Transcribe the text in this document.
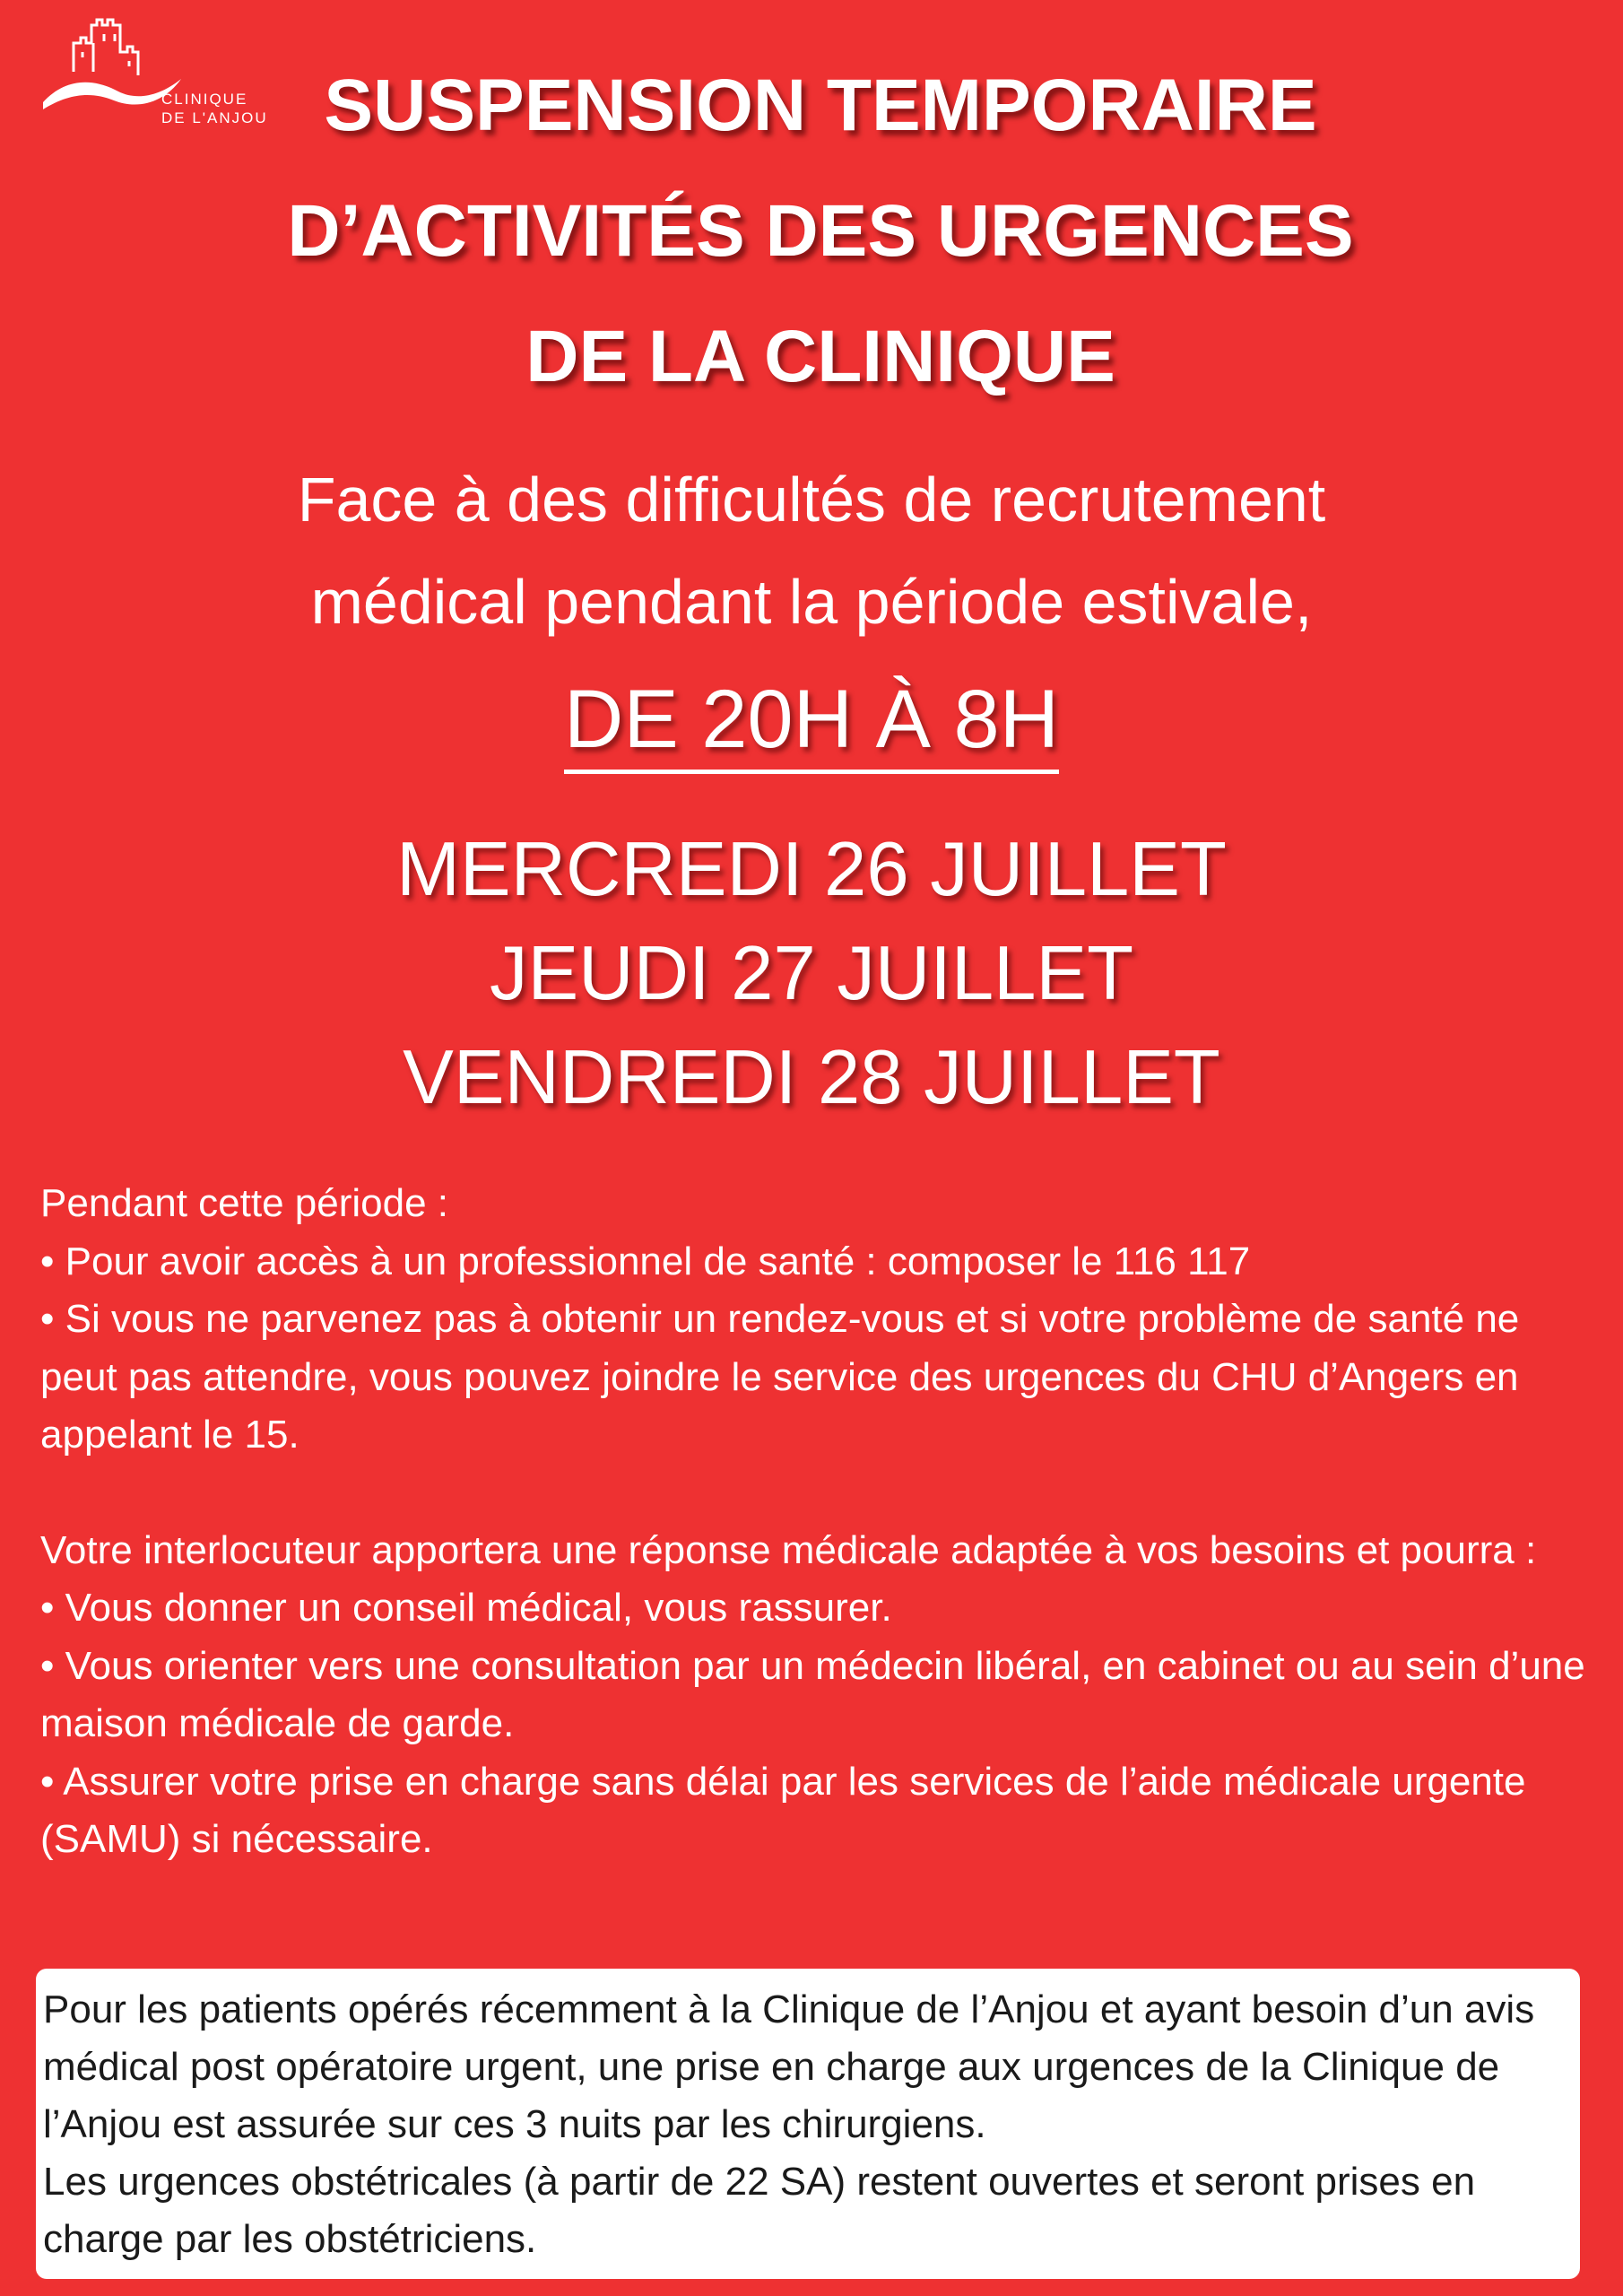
CLINIQUE
DE L'ANJOU SUSPENSION TEMPORAIRE
D’ACTIVITÉS DES URGENCES
DE LA CLINIQUE
Face à des difficultés de recrutement
médical pendant la période estivale,
DE 20H À 8H
MERCREDI 26 JUILLET
JEUDI 27 JUILLET
VENDREDI 28 JUILLET

Pendant cette période :

• Pour avoir accès à un professionnel de santé : composer le 116 117

• Si vous ne parvenez pas à obtenir un rendez-vous et si votre problème de santé ne peut pas attendre, vous pouvez joindre le service des urgences du CHU d’Angers en appelant le 15.

Votre interlocuteur apportera une réponse médicale adaptée à vos besoins et pourra :

• Vous donner un conseil médical, vous rassurer.

• Vous orienter vers une consultation par un médecin libéral, en cabinet ou au sein d’une maison médicale de garde.

• Assurer votre prise en charge sans délai par les services de l’aide médicale urgente (SAMU) si nécessaire.

Pour les patients opérés récemment à la Clinique de l’Anjou et ayant besoin d’un avis médical post opératoire urgent, une prise en charge aux urgences de la Clinique de l’Anjou est assurée sur ces 3 nuits par les chirurgiens.

Les urgences obstétricales (à partir de 22 SA) restent ouvertes et seront prises en charge par les obstétriciens.
